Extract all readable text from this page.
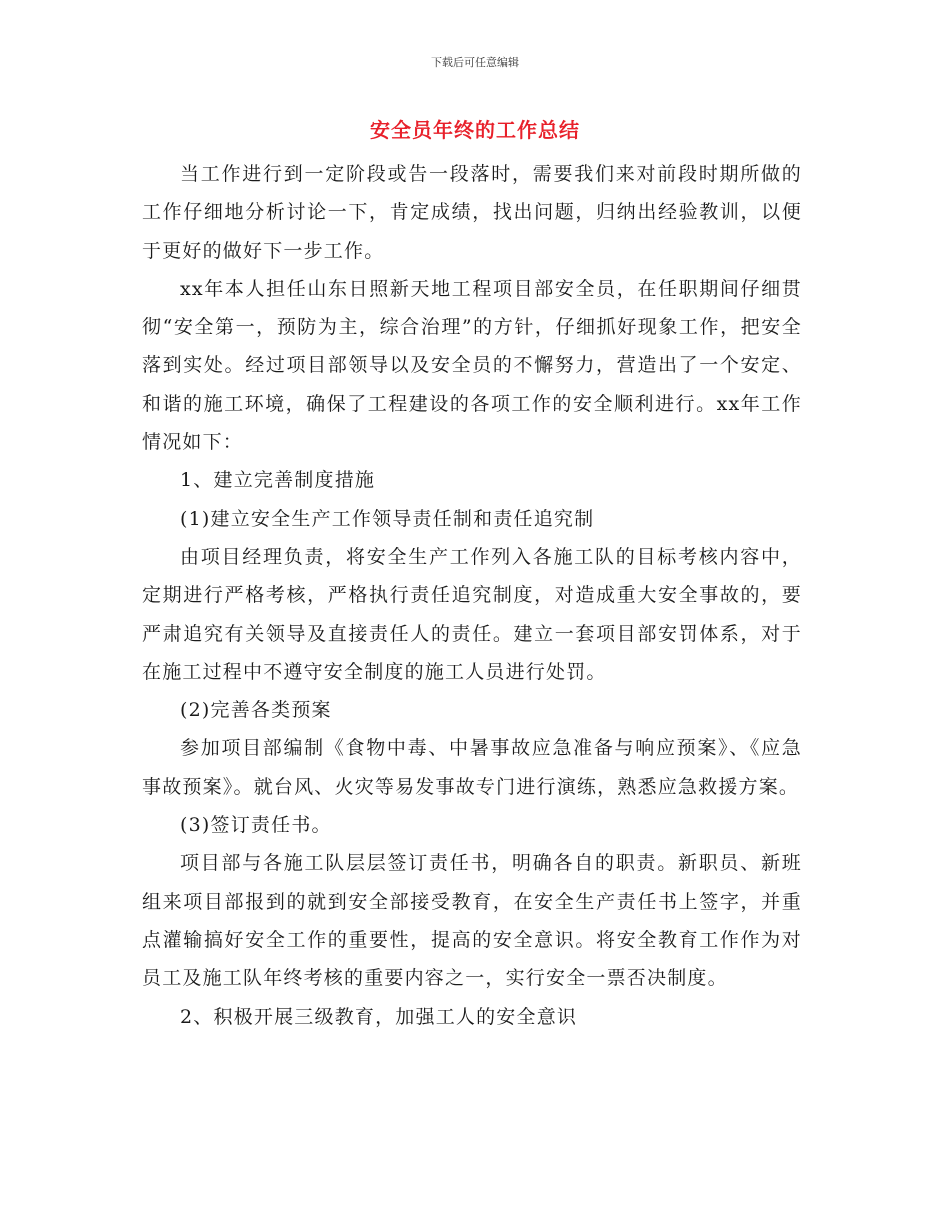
下载后可任意编辑
安全员年终的工作总结

当工作进行到一定阶段或告一段落时，需要我们来对前段时期所做的工作仔细地分析讨论一下，肯定成绩，找出问题，归纳出经验教训，以便于更好的做好下一步工作。

xx年本人担任山东日照新天地工程项目部安全员，在任职期间仔细贯彻“安全第一，预防为主，综合治理”的方针，仔细抓好现象工作，把安全落到实处。经过项目部领导以及安全员的不懈努力，营造出了一个安定、和谐的施工环境，确保了工程建设的各项工作的安全顺利进行。xx年工作情况如下：

1、建立完善制度措施

(1)建立安全生产工作领导责任制和责任追究制

由项目经理负责，将安全生产工作列入各施工队的目标考核内容中，定期进行严格考核，严格执行责任追究制度，对造成重大安全事故的，要严肃追究有关领导及直接责任人的责任。建立一套项目部安罚体系，对于在施工过程中不遵守安全制度的施工人员进行处罚。

(2)完善各类预案

参加项目部编制《食物中毒、中暑事故应急准备与响应预案》、《应急事故预案》。就台风、火灾等易发事故专门进行演练，熟悉应急救援方案。

(3)签订责任书。

项目部与各施工队层层签订责任书，明确各自的职责。新职员、新班组来项目部报到的就到安全部接受教育，在安全生产责任书上签字，并重点灌输搞好安全工作的重要性，提高的安全意识。将安全教育工作作为对员工及施工队年终考核的重要内容之一，实行安全一票否决制度。

2、积极开展三级教育，加强工人的安全意识
